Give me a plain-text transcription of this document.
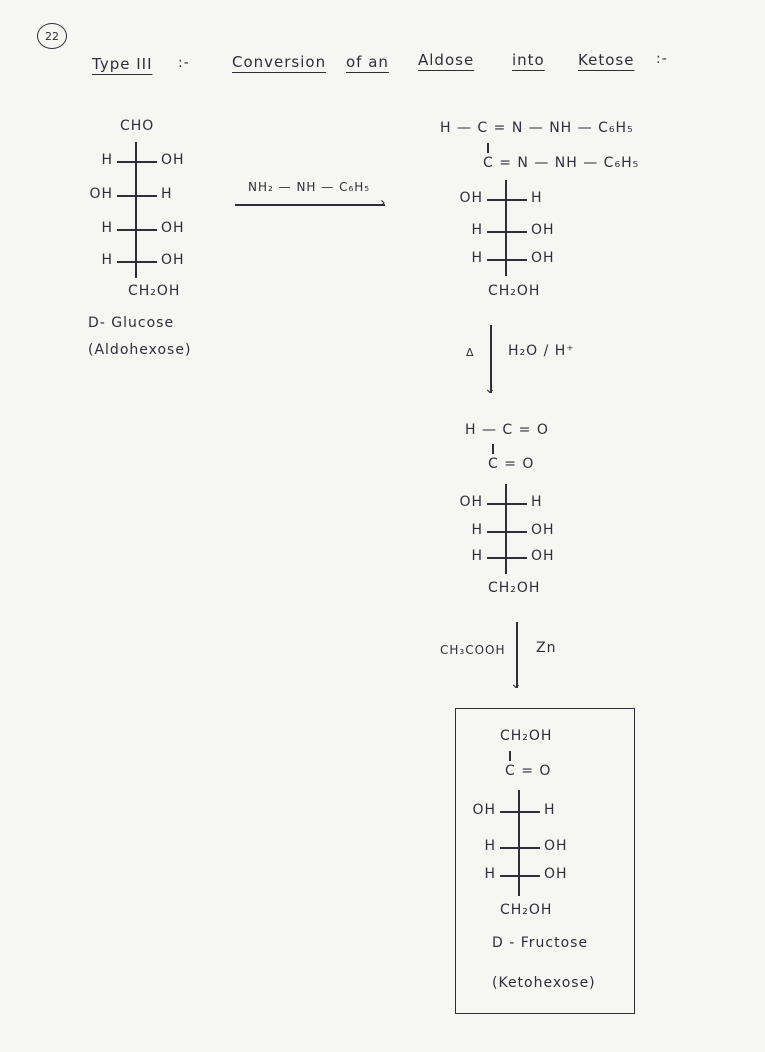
22
Type III :-	Conversion of an Aldose	into Ketose :-
NH₂ — NH — C₆H₅
›
⌄
Δ H₂O / H⁺
⌄
CH₃COOH Zn
CHO
H	OH
OH	H
H	OH
H	OH
CH₂OH
D- Glucose
(Aldohexose)
H — C = N — NH — C₆H₅
C = N — NH — C₆H₅
OH	H
H	OH
H	OH
CH₂OH
H — C = O
C = O
OH	H
H	OH
H	OH
CH₂OH
CH₂OH
C = O
OH	H
H	OH
H	OH
CH₂OH
D - Fructose
(Ketohexose)
